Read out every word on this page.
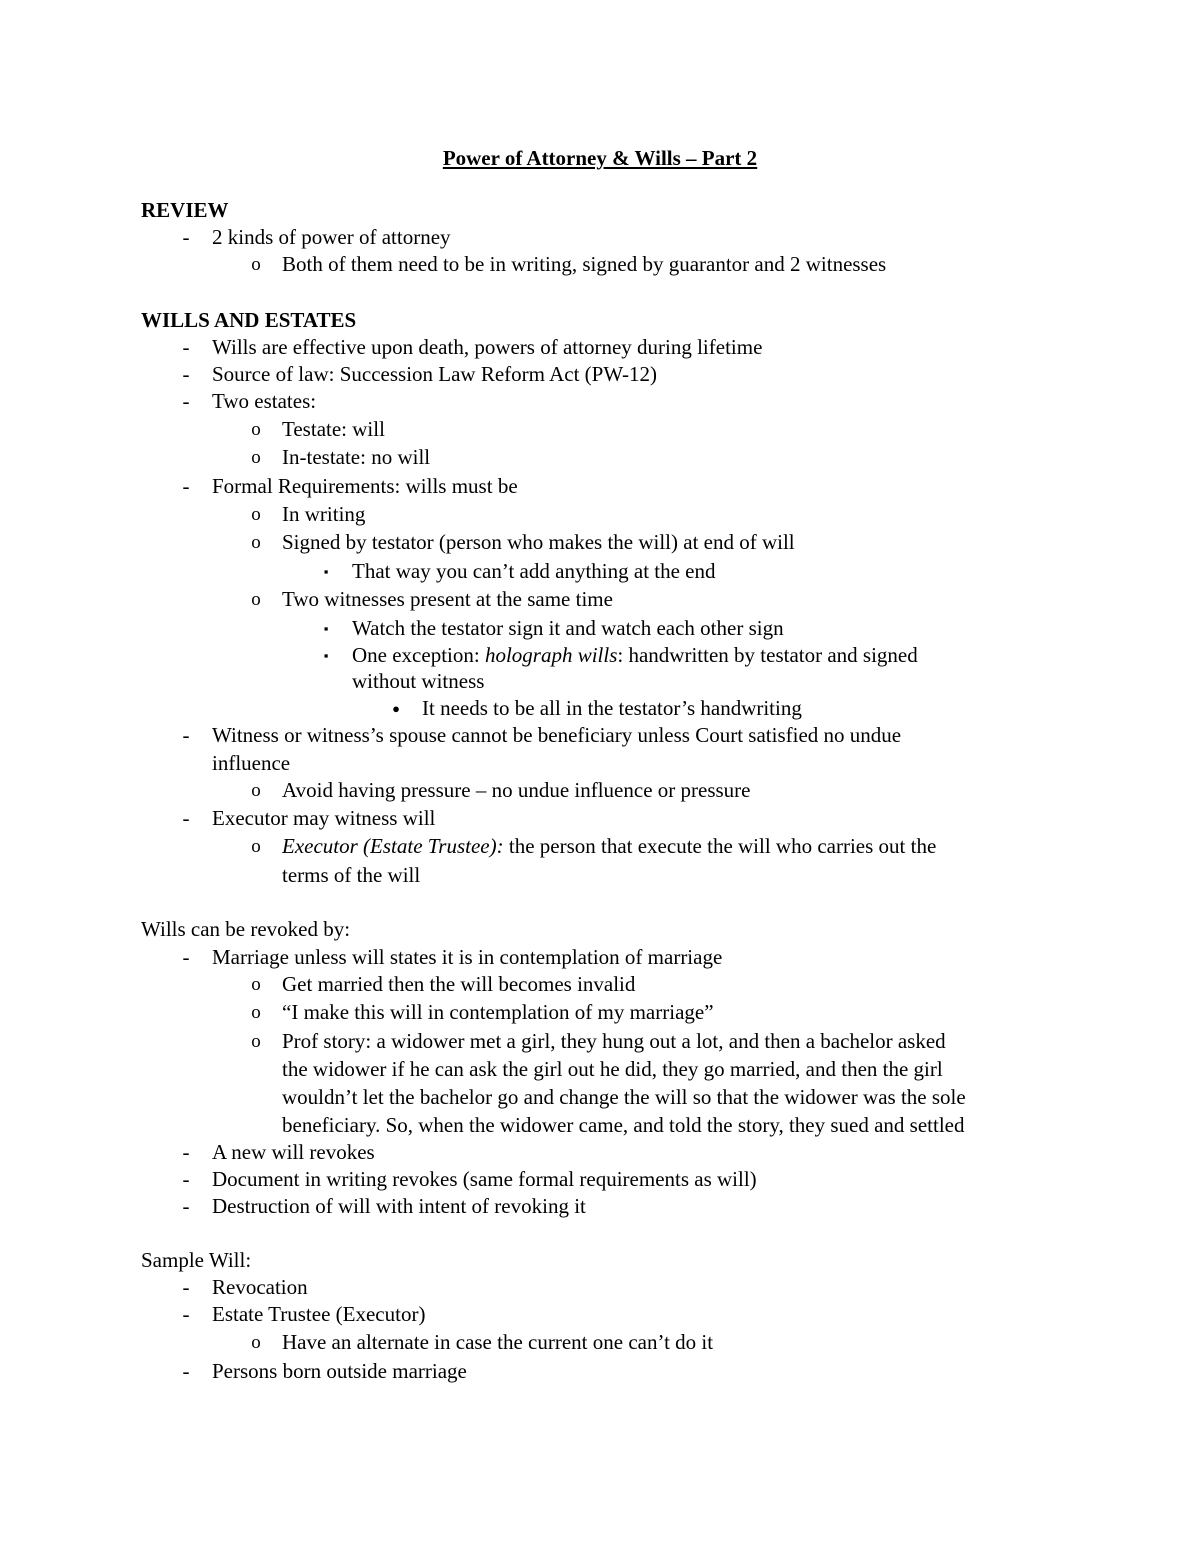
Power of Attorney & Wills – Part 2
REVIEW
-	2 kinds of power of attorney
o Both of them need to be in writing, signed by guarantor and 2 witnesses
WILLS AND ESTATES
-	Wills are effective upon death, powers of attorney during lifetime
-	Source of law: Succession Law Reform Act (PW-12)
-	Two estates:
o Testate: will
o In-testate: no will
-	Formal Requirements: wills must be
o In writing
o Signed by testator (person who makes the will) at end of will
▪	That way you can’t add anything at the end
o Two witnesses present at the same time
▪	Watch the testator sign it and watch each other sign
▪	One exception: holograph wills: handwritten by testator and signed
without witness
● It needs to be all in the testator’s handwriting
-	Witness or witness’s spouse cannot be beneficiary unless Court satisfied no undue
influence
o Avoid having pressure – no undue influence or pressure
-	Executor may witness will
o Executor (Estate Trustee): the person that execute the will who carries out the
terms of the will
Wills can be revoked by:
-	Marriage unless will states it is in contemplation of marriage
o Get married then the will becomes invalid
o “I make this will in contemplation of my marriage”
o Prof story: a widower met a girl, they hung out a lot, and then a bachelor asked
the widower if he can ask the girl out he did, they go married, and then the girl
wouldn’t let the bachelor go and change the will so that the widower was the sole
beneficiary. So, when the widower came, and told the story, they sued and settled
-	A new will revokes
-	Document in writing revokes (same formal requirements as will)
-	Destruction of will with intent of revoking it
Sample Will:
-	Revocation
-	Estate Trustee (Executor)
o Have an alternate in case the current one can’t do it
-	Persons born outside marriage
